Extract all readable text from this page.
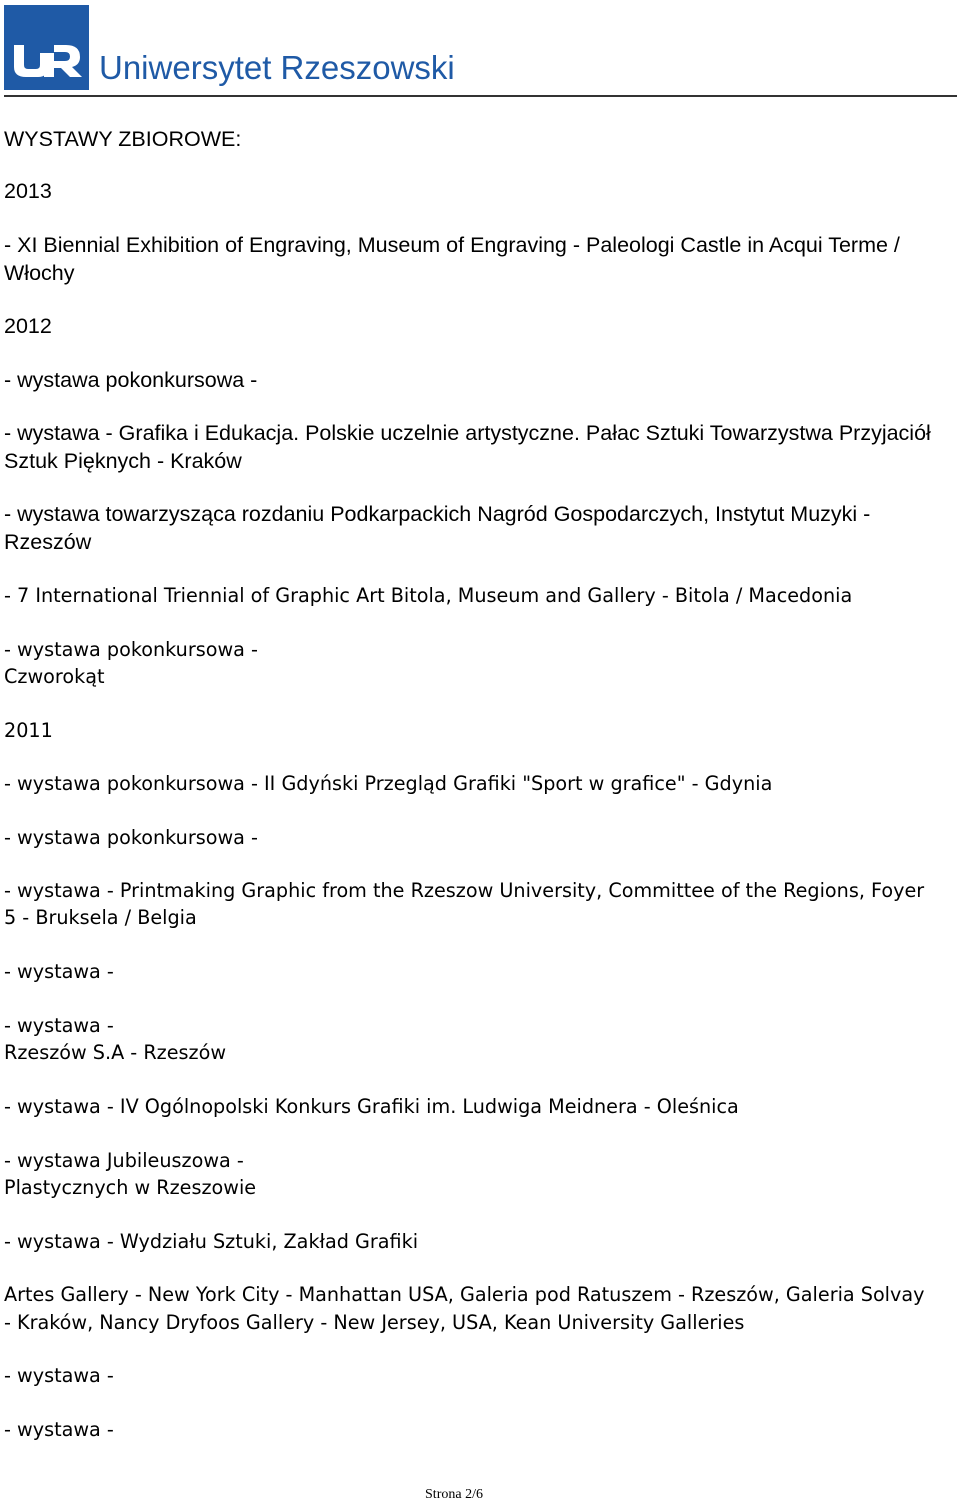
Uniwersytet Rzeszowski
WYSTAWY ZBIOROWE:
2013
- XI Biennial Exhibition of Engraving, Museum of Engraving - Paleologi Castle in Acqui Terme /
Włochy
2012
- wystawa pokonkursowa -
- wystawa - Grafika i Edukacja. Polskie uczelnie artystyczne. Pałac Sztuki Towarzystwa Przyjaciół
Sztuk Pięknych - Kraków
- wystawa towarzysząca rozdaniu Podkarpackich Nagród Gospodarczych, Instytut Muzyki -
Rzeszów
- 7 International Triennial of Graphic Art Bitola, Museum and Gallery - Bitola / Macedonia
- wystawa pokonkursowa -
Czworokąt
2011
- wystawa pokonkursowa - II Gdyński Przegląd Grafiki "Sport w grafice" - Gdynia
- wystawa pokonkursowa -
- wystawa - Printmaking Graphic from the Rzeszow University, Committee of the Regions, Foyer
5 - Bruksela / Belgia
- wystawa -
- wystawa -
Rzeszów S.A - Rzeszów
- wystawa - IV Ogólnopolski Konkurs Grafiki im. Ludwiga Meidnera - Oleśnica
- wystawa Jubileuszowa -
Plastycznych w Rzeszowie
- wystawa - Wydziału Sztuki, Zakład Grafiki
Artes Gallery - New York City - Manhattan USA, Galeria pod Ratuszem - Rzeszów, Galeria Solvay
- Kraków, Nancy Dryfoos Gallery - New Jersey, USA, Kean University Galleries
- wystawa -
- wystawa -
Strona 2/6
